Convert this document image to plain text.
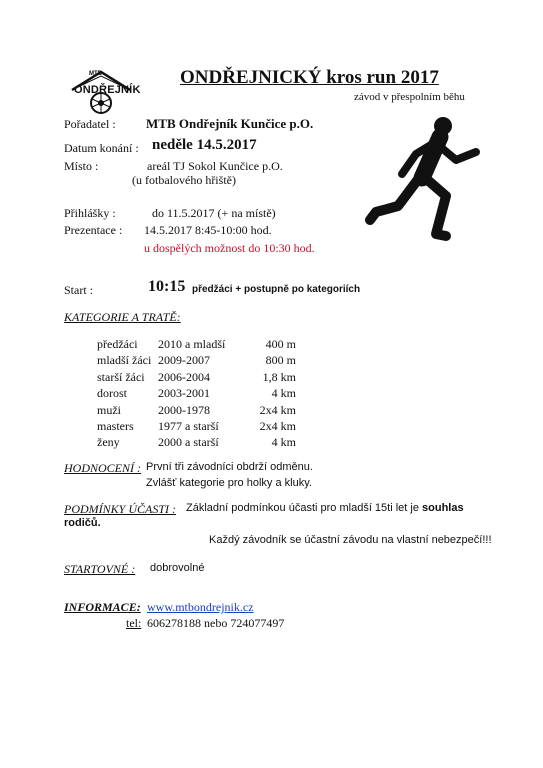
MTB
ONDŘEJNÍK
ONDŘEJNICKÝ kros run 2017
závod v přespolním běhu
Pořadatel : MTB Ondřejník Kunčice p.O.
Datum konání : neděle 14.5.2017
Místo :	areál TJ Sokol Kunčice p.O.
(u fotbalového hřiště)
Přihlášky :	do 11.5.2017 (+ na místě)
Prezentace : 14.5.2017 8:45-10:00 hod.
u dospělých možnost do 10:30 hod.
Start :	10:15 předžáci + postupně po kategoriích
KATEGORIE A TRATĚ:
předžáci 2010 a mladší	400 m
mladší žáci 2009-2007	800 m
starší žáci 2006-2004	1,8 km
dorost	2003-2001	4 km
muži	2000-1978	2x4 km
masters 1977 a starší	2x4 km
ženy	2000 a starší	4 km
HODNOCENÍ : První tři závodníci obdrží odměnu.
Zvlášť kategorie pro holky a kluky.
PODMÍNKY ÚČASTI : Základní podmínkou účasti pro mladší 15ti let je souhlas
rodičů.
Každý závodník se účastní závodu na vlastní nebezpečí!!!
STARTOVNÉ : dobrovolné
INFORMACE: www.mtbondrejnik.cz
tel: 606278188 nebo 724077497
